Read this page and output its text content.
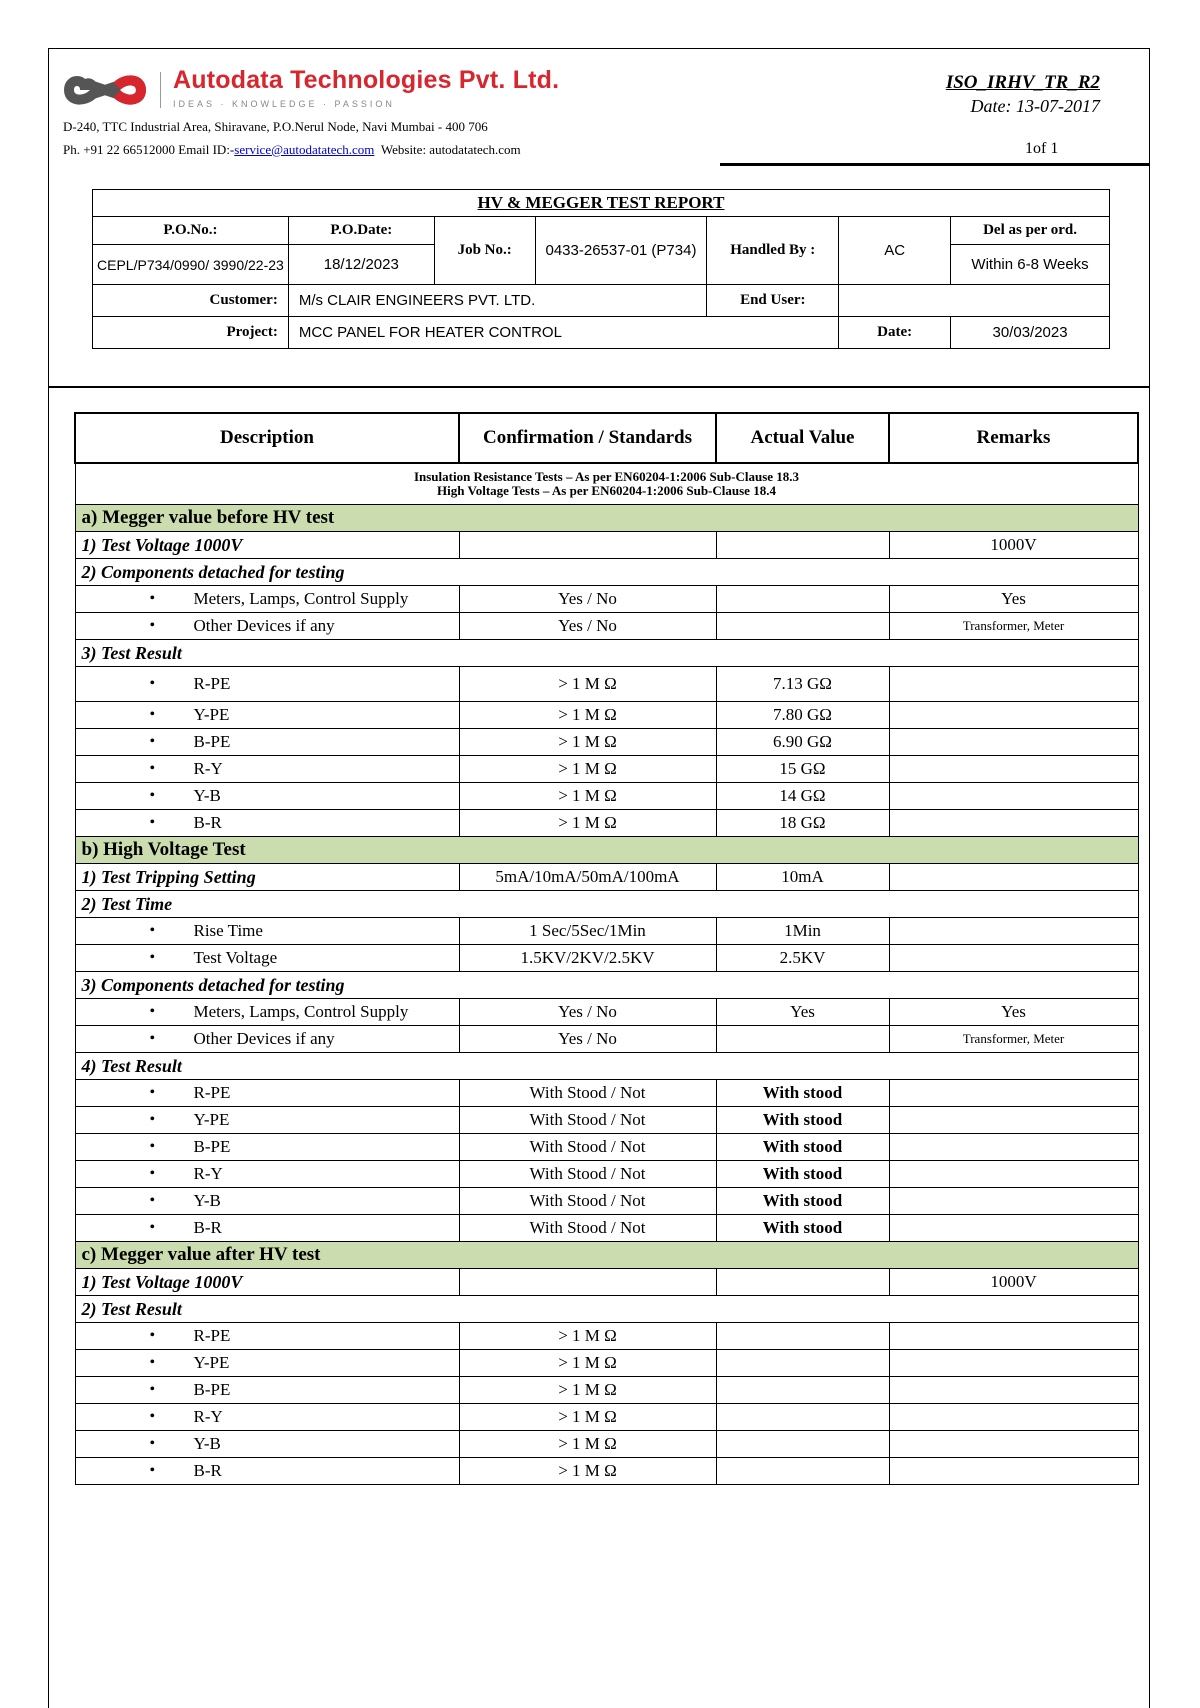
Autodata Technologies Pvt. Ltd.
IDEAS · KNOWLEDGE · PASSION
D-240, TTC Industrial Area, Shiravane, P.O.Nerul Node, Navi Mumbai - 400 706
Ph. +91 22 66512000 Email ID:-service@autodatatech.com Website: autodatatech.com
ISO_IRHV_TR_R2
Date: 13-07-2017
1of 1
HV & MEGGER TEST REPORT						
P.O.No.:	P.O.Date:	Job No.:	0433-26537-01 (P734)	Handled By :	AC	Del as per ord.
CEPL/P734/0990/ 3990/22-23	18/12/2023					Within 6-8 Weeks
Customer:	M/s CLAIR ENGINEERS PVT. LTD.			End User:		
Project:	MCC PANEL FOR HEATER CONTROL				Date:	30/03/2023
Description	Confirmation / Standards	Actual Value	Remarks

Insulation Resistance Tests – As per EN60204-1:2006 Sub-Clause 18.3
High Voltage Tests – As per EN60204-1:2006 Sub-Clause 18.4			

a) Megger value before HV test			
1) Test Voltage 1000V			1000V
2) Components detached for testing			
• Meters, Lamps, Control Supply	Yes / No		Yes
• Other Devices if any	Yes / No		Transformer, Meter
3) Test Result			
• R-PE	> 1 M Ω	7.13 GΩ	
• Y-PE	> 1 M Ω	7.80 GΩ	
• B-PE	> 1 M Ω	6.90 GΩ	
• R-Y	> 1 M Ω	15 GΩ	
• Y-B	> 1 M Ω	14 GΩ	
• B-R	> 1 M Ω	18 GΩ	
b) High Voltage Test			
1) Test Tripping Setting	5mA/10mA/50mA/100mA	10mA	
2) Test Time			
• Rise Time	1 Sec/5Sec/1Min	1Min	
• Test Voltage	1.5KV/2KV/2.5KV	2.5KV	
3) Components detached for testing			
• Meters, Lamps, Control Supply	Yes / No	Yes	Yes
• Other Devices if any	Yes / No		Transformer, Meter
4) Test Result			
• R-PE	With Stood / Not	With stood	
• Y-PE	With Stood / Not	With stood	
• B-PE	With Stood / Not	With stood	
• R-Y	With Stood / Not	With stood	
• Y-B	With Stood / Not	With stood	
• B-R	With Stood / Not	With stood	
c) Megger value after HV test			
1) Test Voltage 1000V			1000V
2) Test Result			
• R-PE	> 1 M Ω		
• Y-PE	> 1 M Ω		
• B-PE	> 1 M Ω		
• R-Y	> 1 M Ω		
• Y-B	> 1 M Ω		
• B-R	> 1 M Ω		
